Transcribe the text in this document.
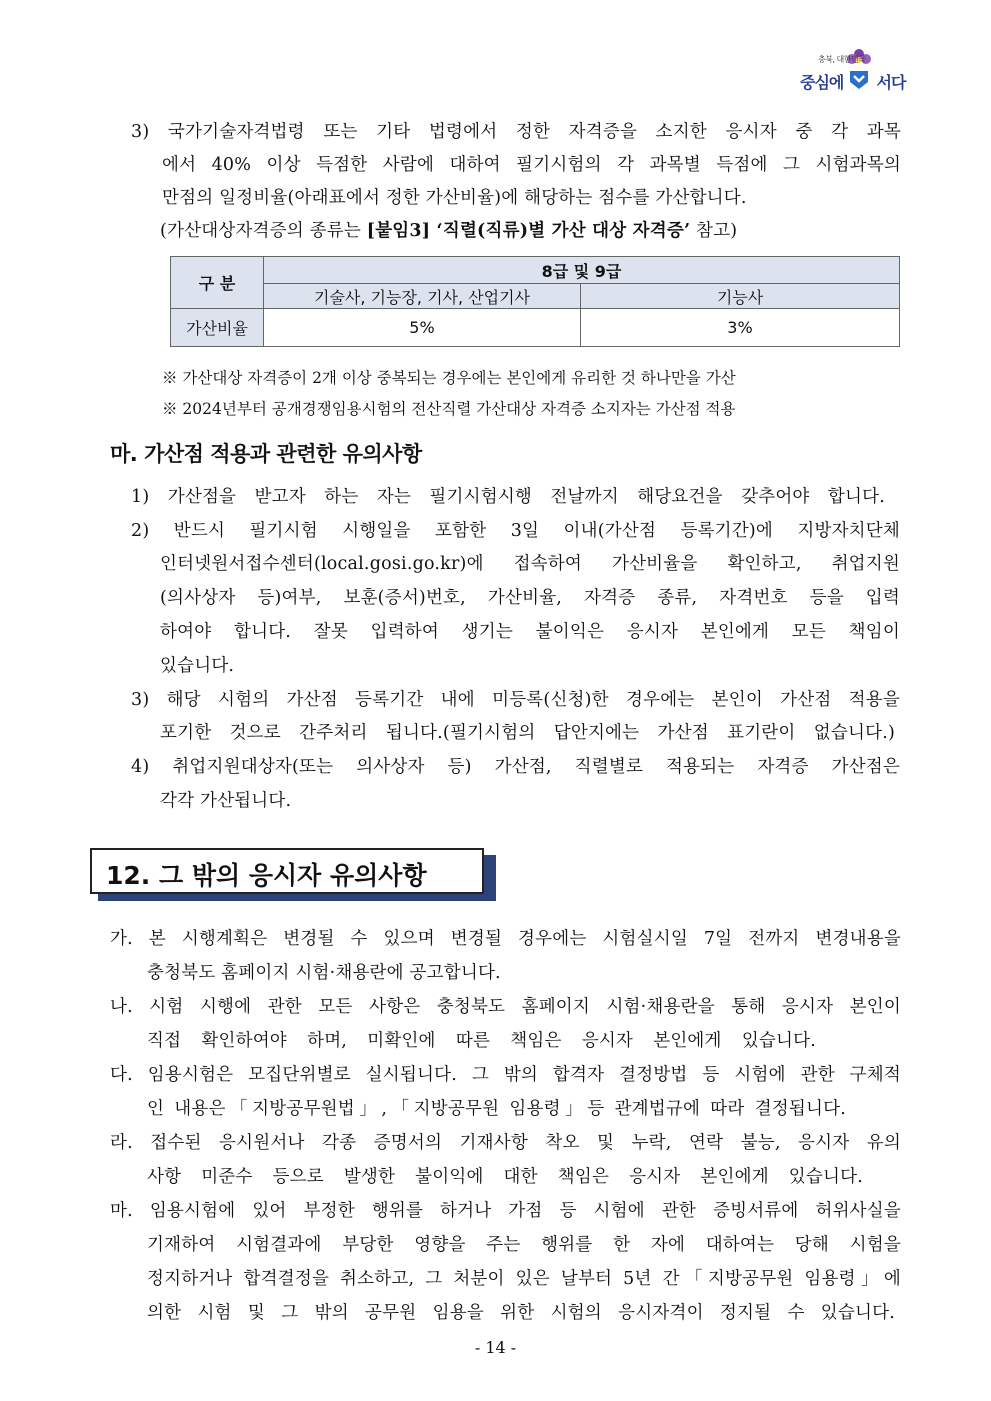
충북, 대한민국
중심에 서다
3) 국가기술자격법령 또는 기타 법령에서 정한 자격증을 소지한 응시자 중 각 과목
에서 40% 이상 득점한 사람에 대하여 필기시험의 각 과목별 득점에 그 시험과목의
만점의 일정비율(아래표에서 정한 가산비율)에 해당하는 점수를 가산합니다.
(가산대상자격증의 종류는 [붙임3] ‘직렬(직류)별 가산 대상 자격증’ 참고)
구 분	8급 및 9급	
	기술사, 기능장, 기사, 산업기사	기능사
가산비율	5%	3%
※ 가산대상 자격증이 2개 이상 중복되는 경우에는 본인에게 유리한 것 하나만을 가산
※ 2024년부터 공개경쟁임용시험의 전산직렬 가산대상 자격증 소지자는 가산점 적용
마. 가산점 적용과 관련한 유의사항
1) 가산점을 받고자 하는 자는 필기시험시행 전날까지 해당요건을 갖추어야 합니다.
2) 반드시 필기시험 시행일을 포함한 3일 이내(가산점 등록기간)에 지방자치단체
인터넷원서접수센터(local.gosi.go.kr)에 접속하여 가산비율을 확인하고, 취업지원
(의사상자 등)여부, 보훈(증서)번호, 가산비율, 자격증 종류, 자격번호 등을 입력
하여야 합니다. 잘못 입력하여 생기는 불이익은 응시자 본인에게 모든 책임이
있습니다.
3) 해당 시험의 가산점 등록기간 내에 미등록(신청)한 경우에는 본인이 가산점 적용을
포기한 것으로 간주처리 됩니다.(필기시험의 답안지에는 가산점 표기란이 없습니다.)
4) 취업지원대상자(또는 의사상자 등) 가산점, 직렬별로 적용되는 자격증 가산점은
각각 가산됩니다.
12. 그 밖의 응시자 유의사항
가. 본 시행계획은 변경될 수 있으며 변경될 경우에는 시험실시일 7일 전까지 변경내용을
충청북도 홈페이지 시험·채용란에 공고합니다.
나. 시험 시행에 관한 모든 사항은 충청북도 홈페이지 시험·채용란을 통해 응시자 본인이
직접 확인하여야 하며, 미확인에 따른 책임은 응시자 본인에게 있습니다.
다. 임용시험은 모집단위별로 실시됩니다. 그 밖의 합격자 결정방법 등 시험에 관한 구체적
인 내용은「지방공무원법」,「지방공무원 임용령」등 관계법규에 따라 결정됩니다.
라. 접수된 응시원서나 각종 증명서의 기재사항 착오 및 누락, 연락 불능, 응시자 유의
사항 미준수 등으로 발생한 불이익에 대한 책임은 응시자 본인에게 있습니다.
마. 임용시험에 있어 부정한 행위를 하거나 가점 등 시험에 관한 증빙서류에 허위사실을
기재하여 시험결과에 부당한 영향을 주는 행위를 한 자에 대하여는 당해 시험을
정지하거나 합격결정을 취소하고, 그 처분이 있은 날부터 5년 간「지방공무원 임용령」에
의한 시험 및 그 밖의 공무원 임용을 위한 시험의 응시자격이 정지될 수 있습니다.
- 14 -
